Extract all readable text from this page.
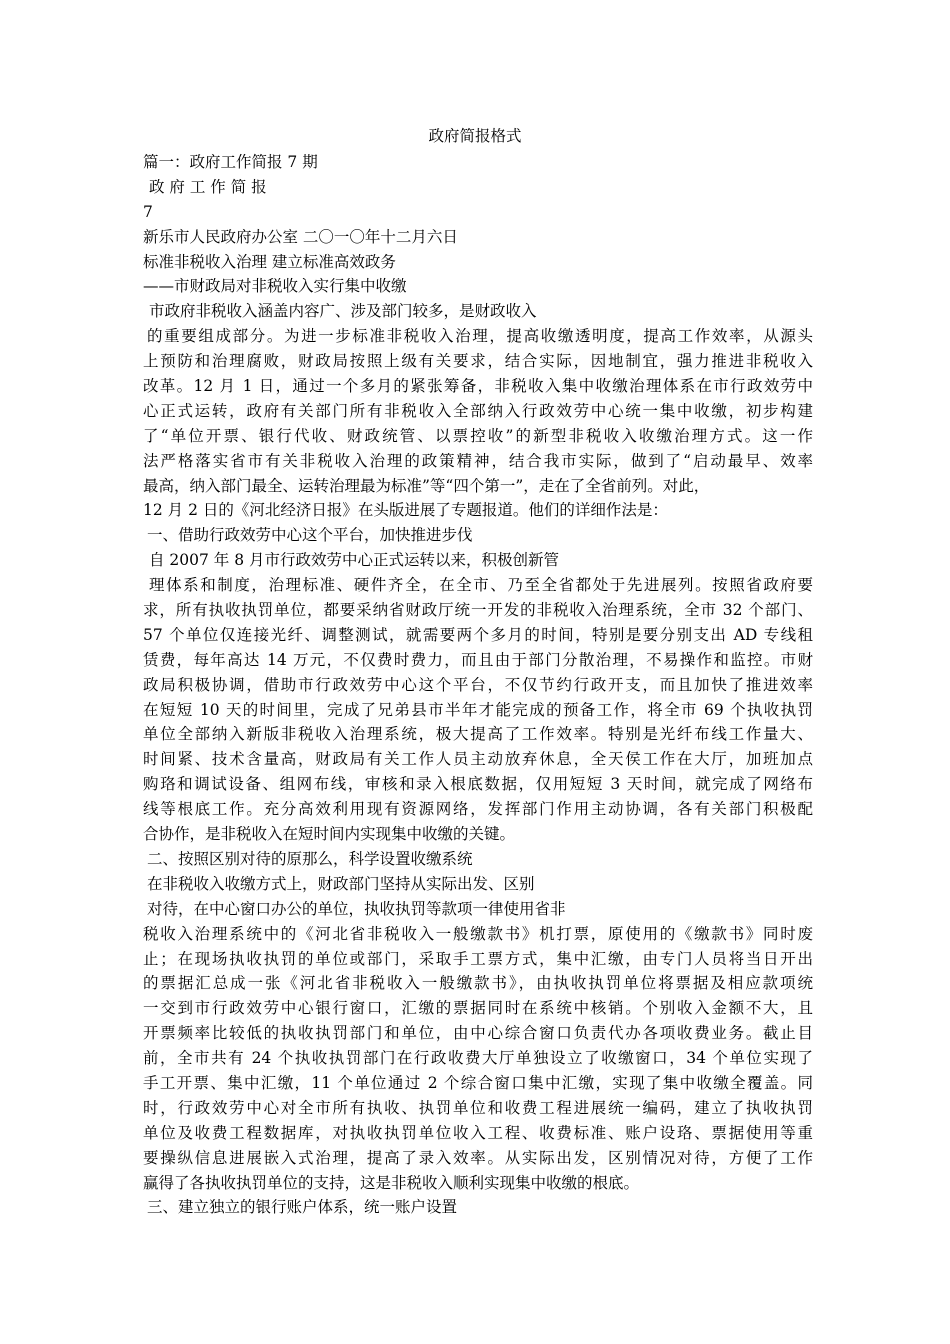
政府简报格式
篇一：政府工作简报 7 期
政 府 工 作 简 报
7
新乐市人民政府办公室 二〇一〇年十二月六日
标准非税收入治理 建立标准高效政务
——市财政局对非税收入实行集中收缴
市政府非税收入涵盖内容广、涉及部门较多，是财政收入
的重要组成部分。为进一步标准非税收入治理，提高收缴透明度，提高工作效率，从源头
上预防和治理腐败，财政局按照上级有关要求，结合实际，因地制宜，强力推进非税收入
改革。12 月 1 日，通过一个多月的紧张筹备，非税收入集中收缴治理体系在市行政效劳中
心正式运转，政府有关部门所有非税收入全部纳入行政效劳中心统一集中收缴，初步构建
了“单位开票、银行代收、财政统管、以票控收”的新型非税收入收缴治理方式。这一作
法严格落实省市有关非税收入治理的政策精神，结合我市实际，做到了“启动最早、效率
最高，纳入部门最全、运转治理最为标准”等“四个第一”，走在了全省前列。对此，
12 月 2 日的《河北经济日报》在头版进展了专题报道。他们的详细作法是：
一、借助行政效劳中心这个平台，加快推进步伐
自 2007 年 8 月市行政效劳中心正式运转以来，积极创新管
理体系和制度，治理标准、硬件齐全，在全市、乃至全省都处于先进展列。按照省政府要
求，所有执收执罚单位，都要采纳省财政厅统一开发的非税收入治理系统，全市 32 个部门、
57 个单位仅连接光纤、调整测试，就需要两个多月的时间，特别是要分别支出 AD 专线租
赁费，每年高达 14 万元，不仅费时费力，而且由于部门分散治理，不易操作和监控。市财
政局积极协调，借助市行政效劳中心这个平台，不仅节约行政开支，而且加快了推进效率
在短短 10 天的时间里，完成了兄弟县市半年才能完成的预备工作，将全市 69 个执收执罚
单位全部纳入新版非税收入治理系统，极大提高了工作效率。特别是光纤布线工作量大、
时间紧、技术含量高，财政局有关工作人员主动放弃休息，全天侯工作在大厅，加班加点
购珞和调试设备、组网布线，审核和录入根底数据，仅用短短 3 天时间，就完成了网络布
线等根底工作。充分高效利用现有资源网络，发挥部门作用主动协调，各有关部门积极配
合协作，是非税收入在短时间内实现集中收缴的关键。
二、按照区别对待的原那么，科学设置收缴系统
在非税收入收缴方式上，财政部门坚持从实际出发、区别
对待，在中心窗口办公的单位，执收执罚等款项一律使用省非
税收入治理系统中的《河北省非税收入一般缴款书》机打票，原使用的《缴款书》同时废
止；在现场执收执罚的单位或部门，采取手工票方式，集中汇缴，由专门人员将当日开出
的票据汇总成一张《河北省非税收入一般缴款书》，由执收执罚单位将票据及相应款项统
一交到市行政效劳中心银行窗口，汇缴的票据同时在系统中核销。个别收入金额不大，且
开票频率比较低的执收执罚部门和单位，由中心综合窗口负责代办各项收费业务。截止目
前，全市共有 24 个执收执罚部门在行政收费大厅单独设立了收缴窗口，34 个单位实现了
手工开票、集中汇缴，11 个单位通过 2 个综合窗口集中汇缴，实现了集中收缴全覆盖。同
时，行政效劳中心对全市所有执收、执罚单位和收费工程进展统一编码，建立了执收执罚
单位及收费工程数据库，对执收执罚单位收入工程、收费标准、账户设珞、票据使用等重
要操纵信息进展嵌入式治理，提高了录入效率。从实际出发，区别情况对待，方便了工作
赢得了各执收执罚单位的支持，这是非税收入顺利实现集中收缴的根底。
三、建立独立的银行账户体系，统一账户设置
